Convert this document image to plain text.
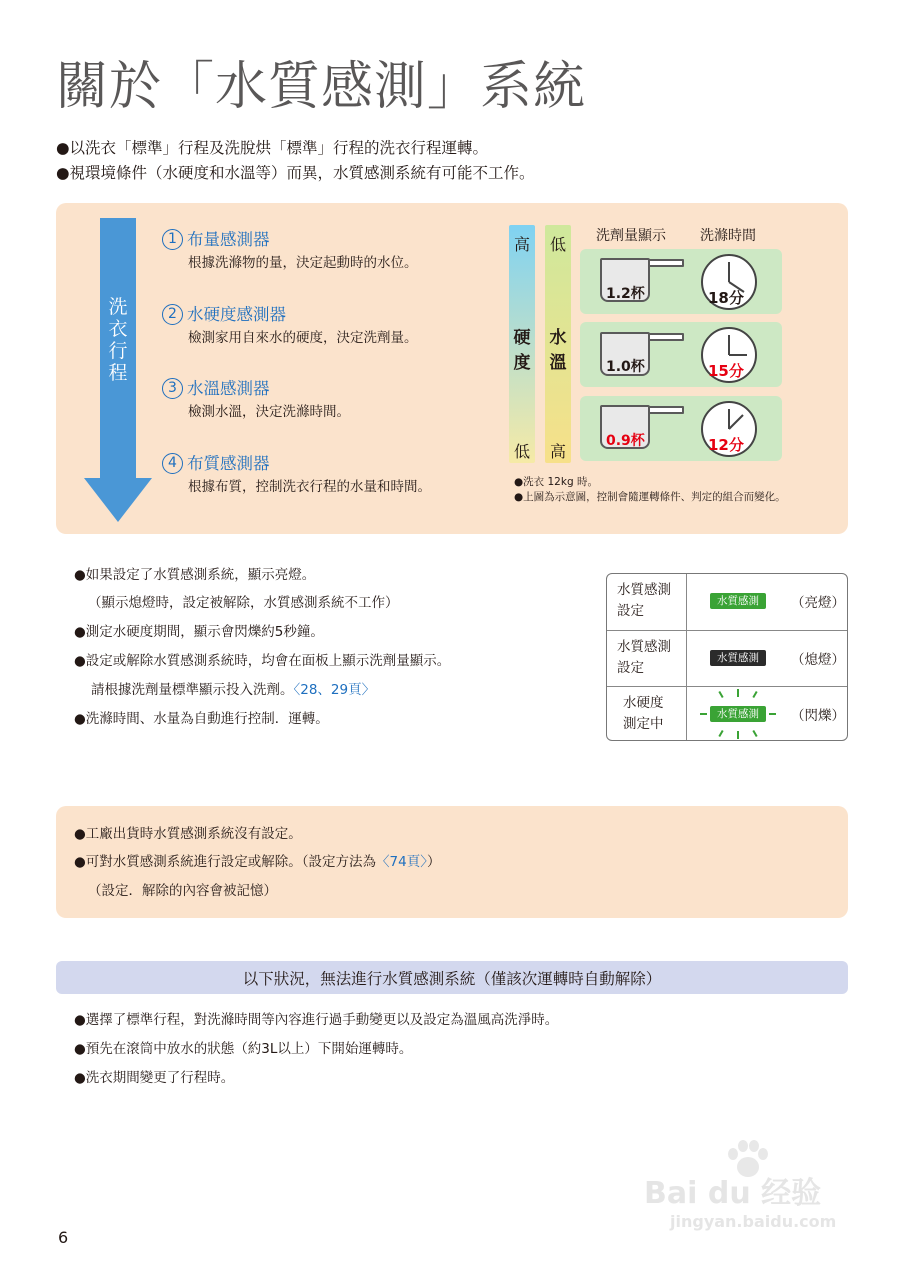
關於「水質感測」系統
●以洗衣「標準」行程及洗脫烘「標準」行程的洗衣行程運轉。
●視環境條件（水硬度和水溫等）而異，水質感測系統有可能不工作。
洗
衣
行
程
1 布量感測器
根據洗滌物的量，決定起動時的水位。
2 水硬度感測器
檢測家用自來水的硬度，決定洗劑量。
3 水溫感測器
檢測水溫，決定洗滌時間。
4 布質感測器
根據布質，控制洗衣行程的水量和時間。
高
硬
度
低
低
水
溫
高
洗劑量顯示 洗滌時間
1.2杯	18分
1.0杯	15分
0.9杯	12分
●洗衣 12kg 時。
●上圖為示意圖，控制會隨運轉條件、判定的組合而變化。
●如果設定了水質感測系統，顯示亮燈。
（顯示熄燈時，設定被解除，水質感測系統不工作）
●測定水硬度期間，顯示會閃爍約5秒鐘。
●設定或解除水質感測系統時，均會在面板上顯示洗劑量顯示。
請根據洗劑量標準顯示投入洗劑。〈28、29頁〉
●洗滌時間、水量為自動進行控制．運轉。
水質感測
設定
水質感測	（亮燈）
水質感測
設定
水質感測	（熄燈）
水硬度
測定中
水質感測	（閃爍）
●工廠出貨時水質感測系統沒有設定。
●可對水質感測系統進行設定或解除。（設定方法為〈74頁〉）
（設定．解除的內容會被記憶）
以下狀況，無法進行水質感測系統（僅該次運轉時自動解除）
●選擇了標準行程，對洗滌時間等內容進行過手動變更以及設定為溫風高洗淨時。
●預先在滾筒中放水的狀態（約3L以上）下開始運轉時。
●洗衣期間變更了行程時。
6
Bai du 经验
jingyan.baidu.com
